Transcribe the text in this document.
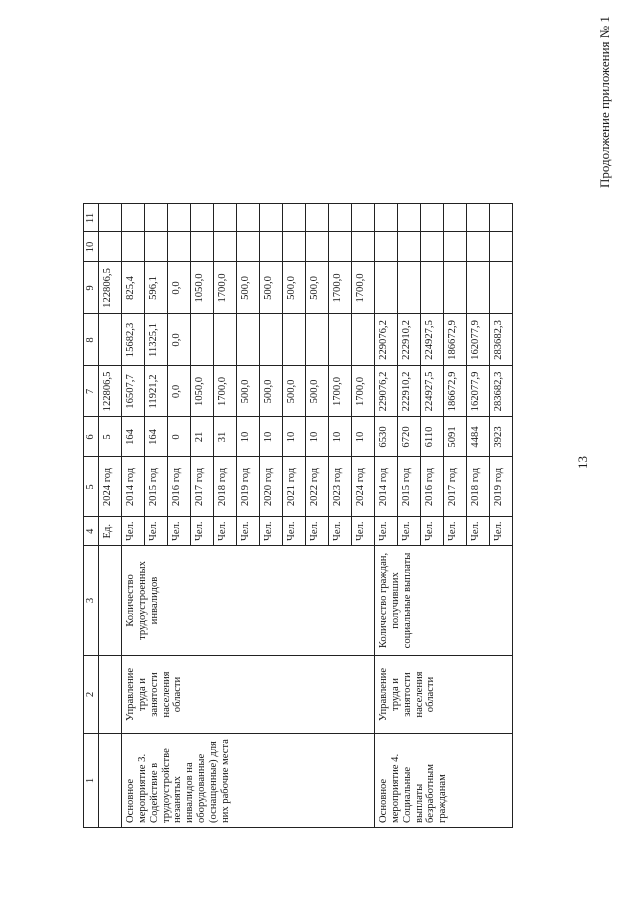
13
Продолжение приложения № 1
1	2	3	4	5	6	7	8	9	10	11
			Ед.	2024 год	5	122806,5		122806,5		
Основное мероприятие 3. Содействие в трудоустройстве незанятых инвалидов на оборудованные (оснащенные) для них рабочие места	Управление труда и занятости населения области	Количество трудоустроенных инвалидов	Чел.	2014 год	164	16507,7	15682,3	825,4		
			Чел.	2015 год	164	11921,2	11325,1	596,1		
			Чел.	2016 год	0	0,0	0,0	0,0		
			Чел.	2017 год	21	1050,0		1050,0		
			Чел.	2018 год	31	1700,0		1700,0		
			Чел.	2019 год	10	500,0		500,0		
			Чел.	2020 год	10	500,0		500,0		
			Чел.	2021 год	10	500,0		500,0		
			Чел.	2022 год	10	500,0		500,0		
			Чел.	2023 год	10	1700,0		1700,0		
			Чел.	2024 год	10	1700,0		1700,0		
Основное мероприятие 4. Социальные выплаты безработным гражданам	Управление труда и занятости населения области	Количество граждан, получивших социальные выплаты	Чел.	2014 год	6530	229076,2	229076,2			
			Чел.	2015 год	6720	222910,2	222910,2			
			Чел.	2016 год	6110	224927,5	224927,5			
			Чел.	2017 год	5091	186672,9	186672,9			
			Чел.	2018 год	4484	162077,9	162077,9			
			Чел.	2019 год	3923	283682,3	283682,3			
